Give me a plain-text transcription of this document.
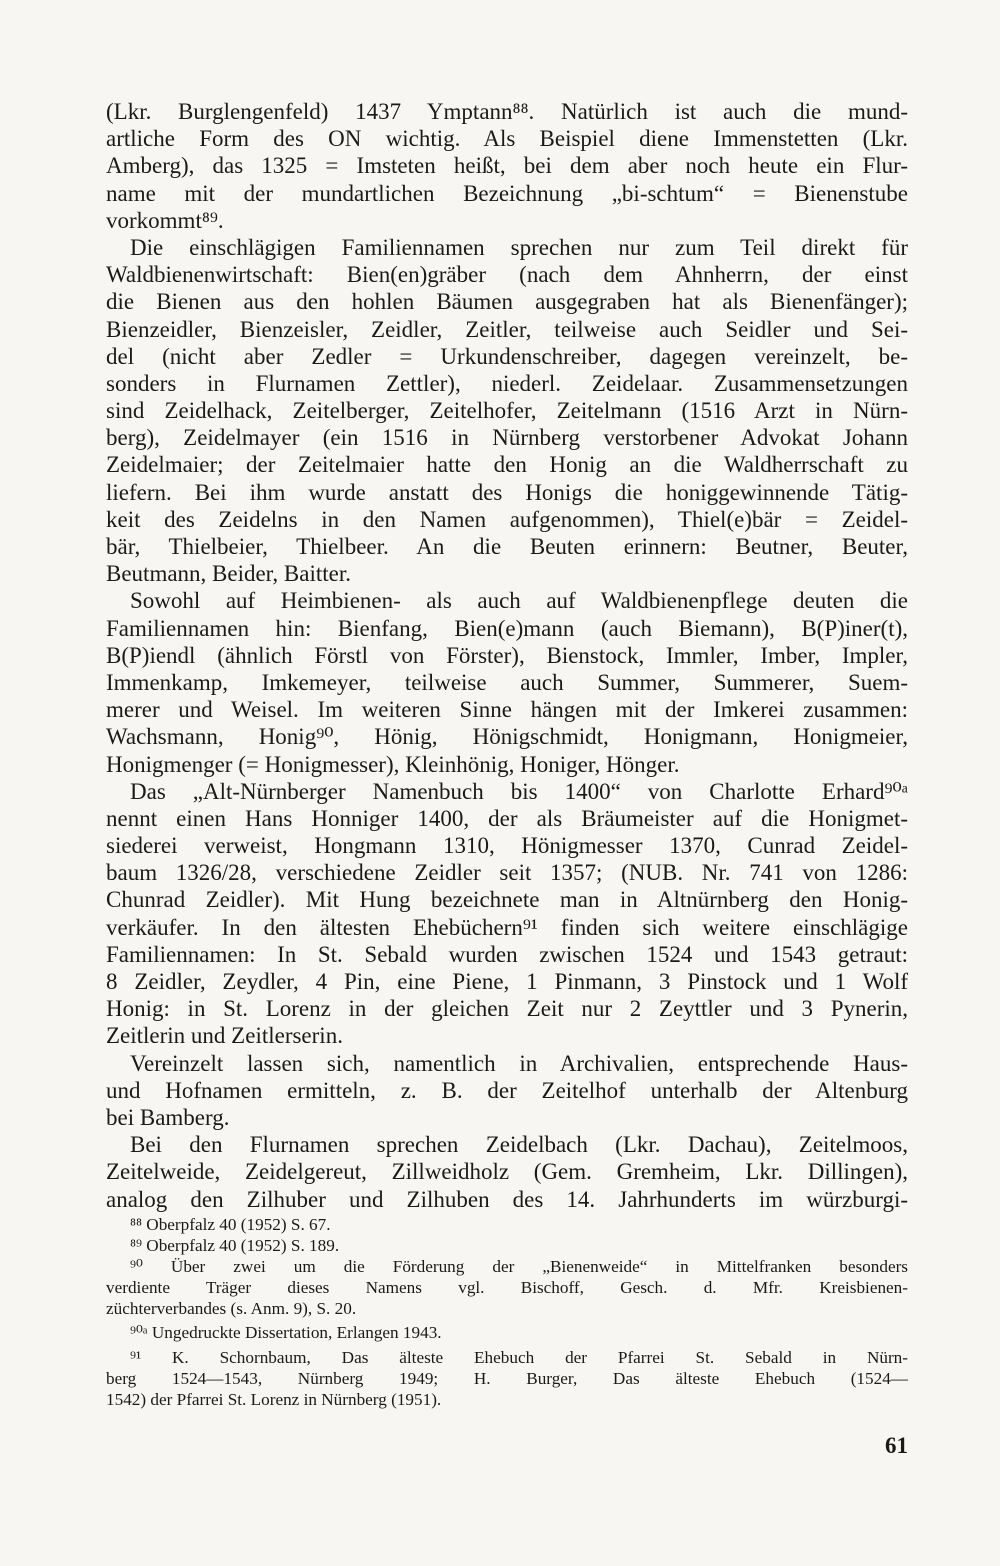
(Lkr. Burglengenfeld) 1437 Ymptann⁸⁸. Natürlich ist auch die mund-
artliche Form des ON wichtig. Als Beispiel diene Immenstetten (Lkr.
Amberg), das 1325 = Imsteten heißt, bei dem aber noch heute ein Flur-
name mit der mundartlichen Bezeichnung „bi-schtum“ = Bienenstube
vorkommt⁸⁹.
Die einschlägigen Familiennamen sprechen nur zum Teil direkt für
Waldbienenwirtschaft: Bien(en)gräber (nach dem Ahnherrn, der einst
die Bienen aus den hohlen Bäumen ausgegraben hat als Bienenfänger);
Bienzeidler, Bienzeisler, Zeidler, Zeitler, teilweise auch Seidler und Sei-
del (nicht aber Zedler = Urkundenschreiber, dagegen vereinzelt, be-
sonders in Flurnamen Zettler), niederl. Zeidelaar. Zusammensetzungen
sind Zeidelhack, Zeitelberger, Zeitelhofer, Zeitelmann (1516 Arzt in Nürn-
berg), Zeidelmayer (ein 1516 in Nürnberg verstorbener Advokat Johann
Zeidelmaier; der Zeitelmaier hatte den Honig an die Waldherrschaft zu
liefern. Bei ihm wurde anstatt des Honigs die honiggewinnende Tätig-
keit des Zeidelns in den Namen aufgenommen), Thiel(e)bär = Zeidel-
bär, Thielbeier, Thielbeer. An die Beuten erinnern: Beutner, Beuter,
Beutmann, Beider, Baitter.
Sowohl auf Heimbienen- als auch auf Waldbienenpflege deuten die
Familiennamen hin: Bienfang, Bien(e)mann (auch Biemann), B(P)iner(t),
B(P)iendl (ähnlich Förstl von Förster), Bienstock, Immler, Imber, Impler,
Immenkamp, Imkemeyer, teilweise auch Summer, Summerer, Suem-
merer und Weisel. Im weiteren Sinne hängen mit der Imkerei zusammen:
Wachsmann, Honig⁹⁰, Hönig, Hönigschmidt, Honigmann, Honigmeier,
Honigmenger (= Honigmesser), Kleinhönig, Honiger, Hönger.
Das „Alt-Nürnberger Namenbuch bis 1400“ von Charlotte Erhard⁹⁰ᵃ
nennt einen Hans Honniger 1400, der als Bräumeister auf die Honigmet-
siederei verweist, Hongmann 1310, Hönigmesser 1370, Cunrad Zeidel-
baum 1326/28, verschiedene Zeidler seit 1357; (NUB. Nr. 741 von 1286:
Chunrad Zeidler). Mit Hung bezeichnete man in Altnürnberg den Honig-
verkäufer. In den ältesten Ehebüchern⁹¹ finden sich weitere einschlägige
Familiennamen: In St. Sebald wurden zwischen 1524 und 1543 getraut:
8 Zeidler, Zeydler, 4 Pin, eine Piene, 1 Pinmann, 3 Pinstock und 1 Wolf
Honig: in St. Lorenz in der gleichen Zeit nur 2 Zeyttler und 3 Pynerin,
Zeitlerin und Zeitlerserin.
Vereinzelt lassen sich, namentlich in Archivalien, entsprechende Haus-
und Hofnamen ermitteln, z. B. der Zeitelhof unterhalb der Altenburg
bei Bamberg.
Bei den Flurnamen sprechen Zeidelbach (Lkr. Dachau), Zeitelmoos,
Zeitelweide, Zeidelgereut, Zillweidholz (Gem. Gremheim, Lkr. Dillingen),
analog den Zilhuber und Zilhuben des 14. Jahrhunderts im würzburgi-
⁸⁸ Oberpfalz 40 (1952) S. 67.
⁸⁹ Oberpfalz 40 (1952) S. 189.
⁹⁰ Über zwei um die Förderung der „Bienenweide“ in Mittelfranken besonders
verdiente Träger dieses Namens vgl. Bischoff, Gesch. d. Mfr. Kreisbienen-
züchterverbandes (s. Anm. 9), S. 20.
⁹⁰ᵃ Ungedruckte Dissertation, Erlangen 1943.
⁹¹ K. Schornbaum, Das älteste Ehebuch der Pfarrei St. Sebald in Nürn-
berg 1524—1543, Nürnberg 1949; H. Burger, Das älteste Ehebuch (1524—
1542) der Pfarrei St. Lorenz in Nürnberg (1951).
61
